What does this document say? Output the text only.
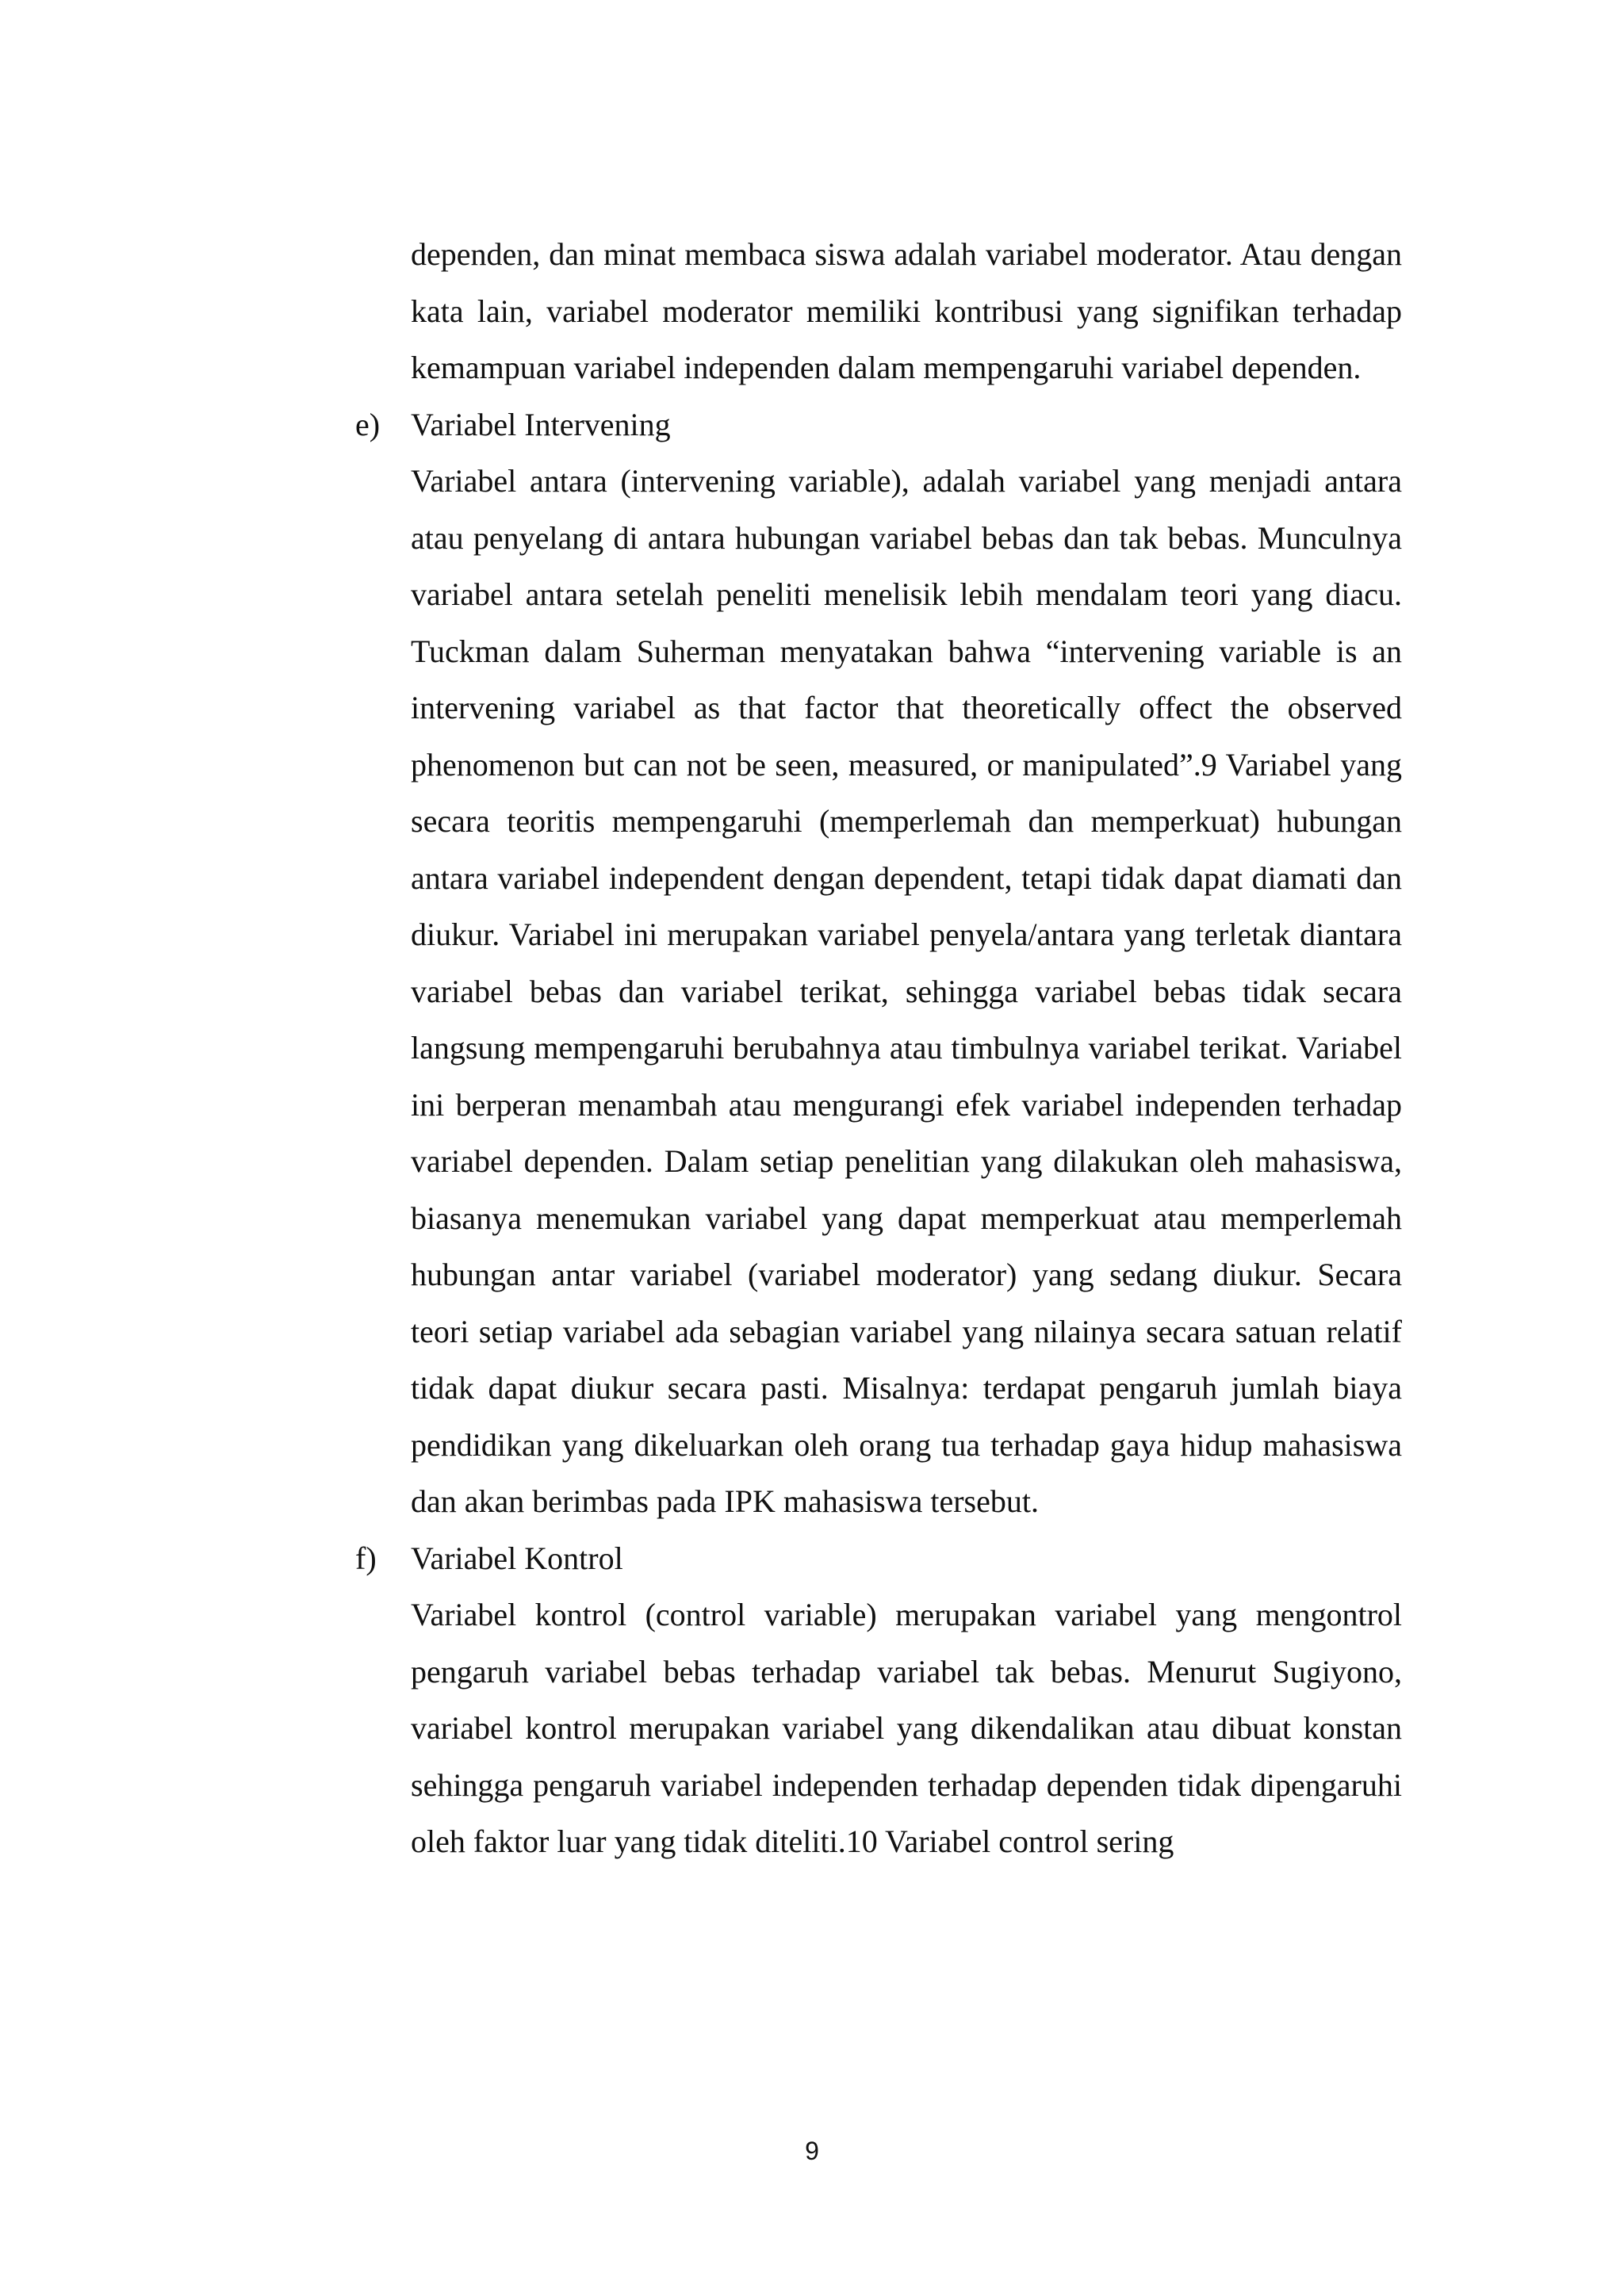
dependen, dan minat membaca siswa adalah variabel moderator. Atau dengan kata lain, variabel moderator memiliki kontribusi yang signifikan terhadap kemampuan variabel independen dalam mempengaruhi variabel dependen.

e) Variabel Intervening

Variabel antara (intervening variable), adalah variabel yang menjadi antara atau penyelang di antara hubungan variabel bebas dan tak bebas. Munculnya variabel antara setelah peneliti menelisik lebih mendalam teori yang diacu. Tuckman dalam Suherman menyatakan bahwa “intervening variable is an intervening variabel as that factor that theoretically offect the observed phenomenon but can not be seen, measured, or manipulated”.9 Variabel yang secara teoritis mempengaruhi (memperlemah dan memperkuat) hubungan antara variabel independent dengan dependent, tetapi tidak dapat diamati dan diukur. Variabel ini merupakan variabel penyela/antara yang terletak diantara variabel bebas dan variabel terikat, sehingga variabel bebas tidak secara langsung mempengaruhi berubahnya atau timbulnya variabel terikat. Variabel ini berperan menambah atau mengurangi efek variabel independen terhadap variabel dependen. Dalam setiap penelitian yang dilakukan oleh mahasiswa, biasanya menemukan variabel yang dapat memperkuat atau memperlemah hubungan antar variabel (variabel moderator) yang sedang diukur. Secara teori setiap variabel ada sebagian variabel yang nilainya secara satuan relatif tidak dapat diukur secara pasti. Misalnya: terdapat pengaruh jumlah biaya pendidikan yang dikeluarkan oleh orang tua terhadap gaya hidup mahasiswa dan akan berimbas pada IPK mahasiswa tersebut.

f) Variabel Kontrol

Variabel kontrol (control variable) merupakan variabel yang mengontrol pengaruh variabel bebas terhadap variabel tak bebas. Menurut Sugiyono, variabel kontrol merupakan variabel yang dikendalikan atau dibuat konstan sehingga pengaruh variabel independen terhadap dependen tidak dipengaruhi oleh faktor luar yang tidak diteliti.10 Variabel control sering

9
